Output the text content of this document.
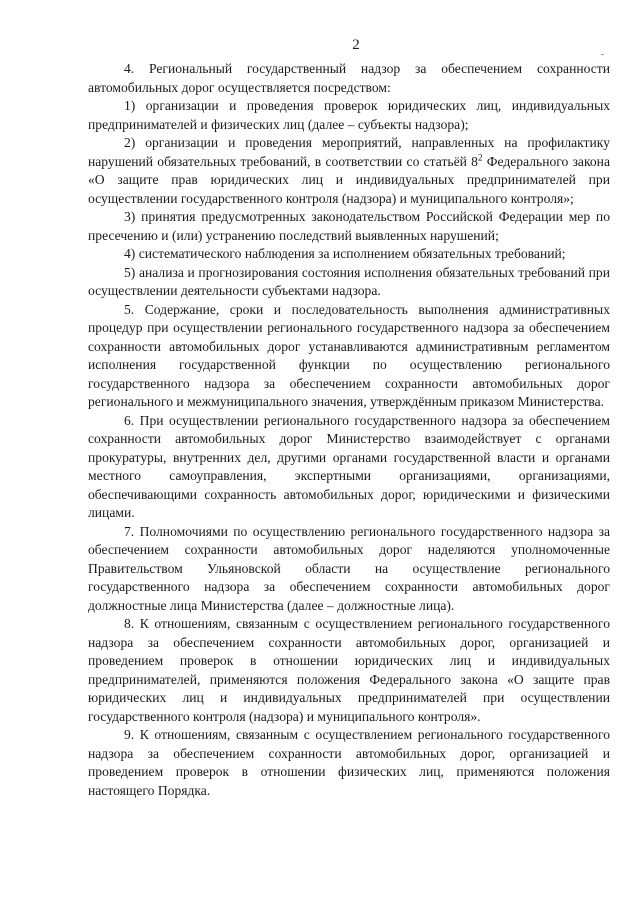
2

4. Региональный государственный надзор за обеспечением сохранности автомобильных дорог осуществляется посредством:

1) организации и проведения проверок юридических лиц, индивидуальных предпринимателей и физических лиц (далее – субъекты надзора);

2) организации и проведения мероприятий, направленных на профилактику нарушений обязательных требований, в соответствии со статьёй $8^2$ Федерального закона «О защите прав юридических лиц и индивидуальных предпринимателей при осуществлении государственного контроля (надзора) и муниципального контроля»;

3) принятия предусмотренных законодательством Российской Федерации мер по пресечению и (или) устранению последствий выявленных нарушений;

4) систематического наблюдения за исполнением обязательных требований;

5) анализа и прогнозирования состояния исполнения обязательных требований при осуществлении деятельности субъектами надзора.

5. Содержание, сроки и последовательность выполнения административных процедур при осуществлении регионального государственного надзора за обеспечением сохранности автомобильных дорог устанавливаются административным регламентом исполнения государственной функции по осуществлению регионального государственного надзора за обеспечением сохранности автомобильных дорог регионального и межмуниципального значения, утверждённым приказом Министерства.

6. При осуществлении регионального государственного надзора за обеспечением сохранности автомобильных дорог Министерство взаимодействует с органами прокуратуры, внутренних дел, другими органами государственной власти и органами местного самоуправления, экспертными организациями, организациями, обеспечивающими сохранность автомобильных дорог, юридическими и физическими лицами.

7. Полномочиями по осуществлению регионального государственного надзора за обеспечением сохранности автомобильных дорог наделяются уполномоченные Правительством Ульяновской области на осуществление регионального государственного надзора за обеспечением сохранности автомобильных дорог должностные лица Министерства (далее – должностные лица).

8. К отношениям, связанным с осуществлением регионального государственного надзора за обеспечением сохранности автомобильных дорог, организацией и проведением проверок в отношении юридических лиц и индивидуальных предпринимателей, применяются положения Федерального закона «О защите прав юридических лиц и индивидуальных предпринимателей при осуществлении государственного контроля (надзора) и муниципального контроля».

9. К отношениям, связанным с осуществлением регионального государственного надзора за обеспечением сохранности автомобильных дорог, организацией и проведением проверок в отношении физических лиц, применяются положения настоящего Порядка.
